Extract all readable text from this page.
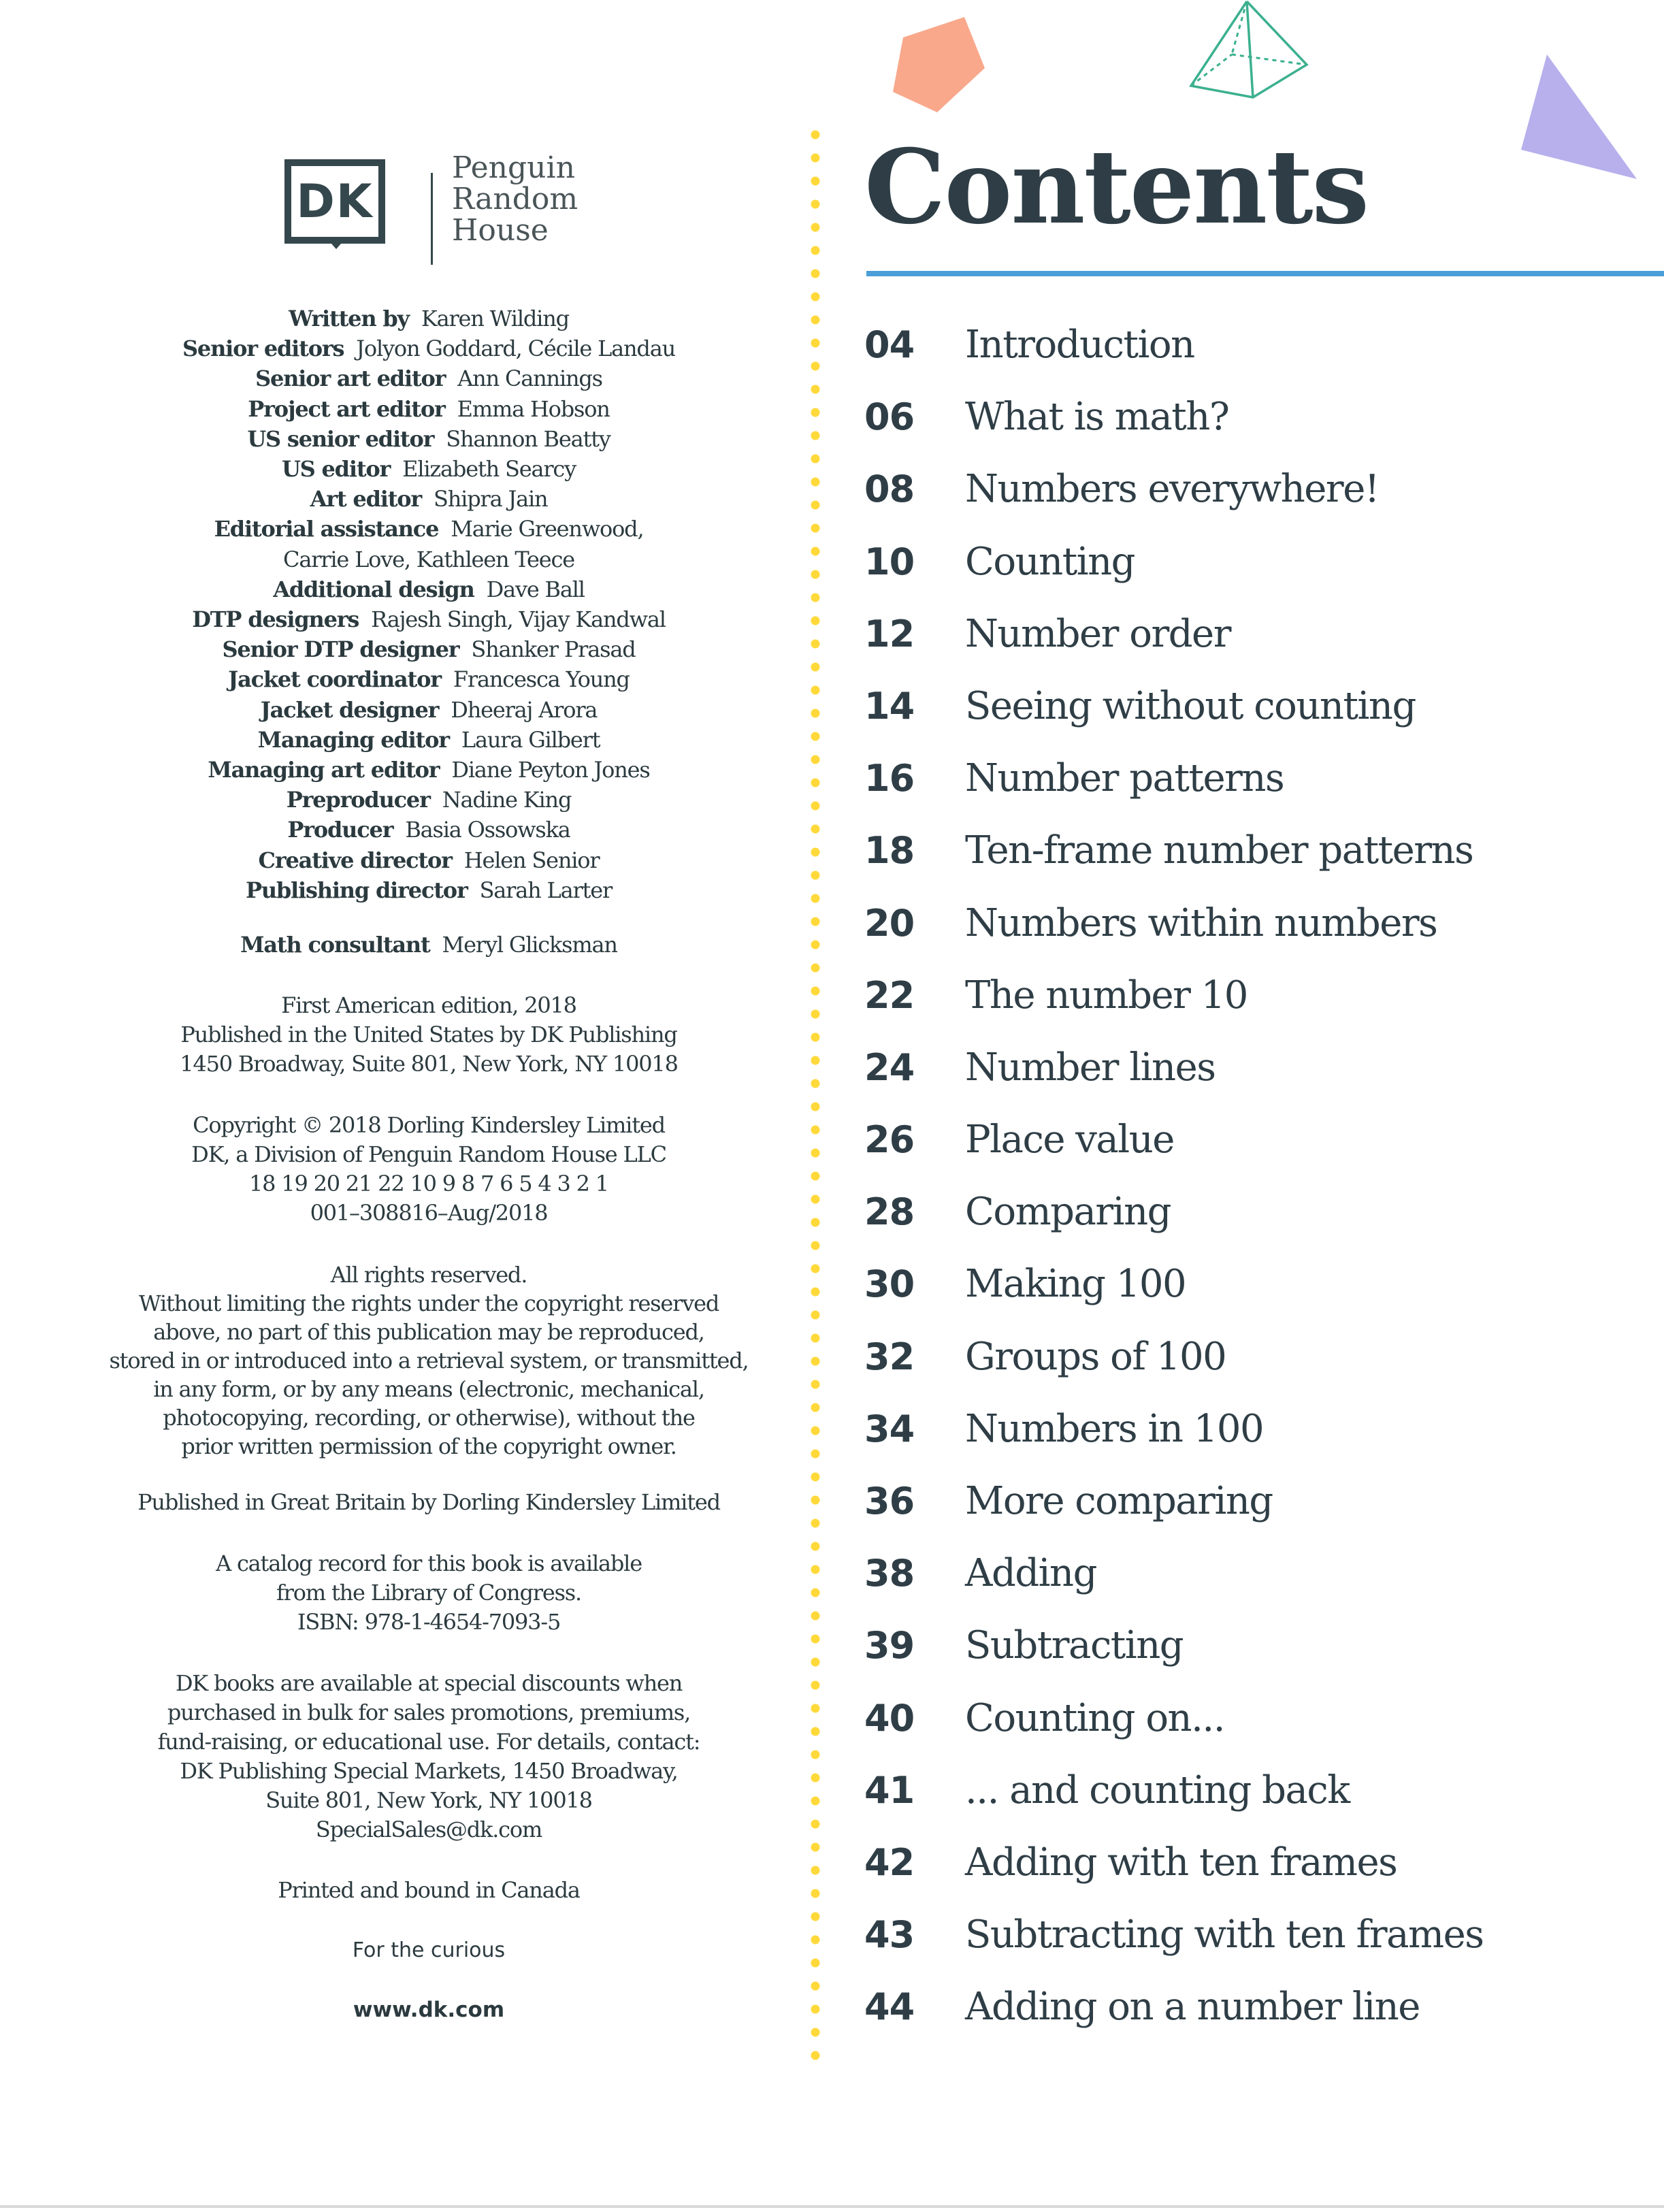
DK
Penguin
Random
House
Written by Karen Wilding
Senior editors Jolyon Goddard, Cécile Landau
Senior art editor Ann Cannings
Project art editor Emma Hobson
US senior editor Shannon Beatty
US editor Elizabeth Searcy
Art editor Shipra Jain
Editorial assistance Marie Greenwood,
Carrie Love, Kathleen Teece
Additional design Dave Ball
DTP designers Rajesh Singh, Vijay Kandwal
Senior DTP designer Shanker Prasad
Jacket coordinator Francesca Young
Jacket designer Dheeraj Arora
Managing editor Laura Gilbert
Managing art editor Diane Peyton Jones
Preproducer Nadine King
Producer Basia Ossowska
Creative director Helen Senior
Publishing director Sarah Larter
Math consultant Meryl Glicksman
First American edition, 2018
Published in the United States by DK Publishing
1450 Broadway, Suite 801, New York, NY 10018
Copyright © 2018 Dorling Kindersley Limited
DK, a Division of Penguin Random House LLC
18 19 20 21 22 10 9 8 7 6 5 4 3 2 1
001–308816–Aug/2018
All rights reserved.
Without limiting the rights under the copyright reserved
above, no part of this publication may be reproduced,
stored in or introduced into a retrieval system, or transmitted,
in any form, or by any means (electronic, mechanical,
photocopying, recording, or otherwise), without the
prior written permission of the copyright owner.
Published in Great Britain by Dorling Kindersley Limited
A catalog record for this book is available
from the Library of Congress.
ISBN: 978-1-4654-7093-5
DK books are available at special discounts when
purchased in bulk for sales promotions, premiums,
fund-raising, or educational use. For details, contact:
DK Publishing Special Markets, 1450 Broadway,
Suite 801, New York, NY 10018
SpecialSales@dk.com
Printed and bound in Canada
For the curious
www.dk.com
Contents
04	Introduction
06	What is math?
08	Numbers everywhere!
10	Counting
12	Number order
14	Seeing without counting
16	Number patterns
18	Ten-frame number patterns
20	Numbers within numbers
22	The number 10
24	Number lines
26	Place value
28	Comparing
30	Making 100
32	Groups of 100
34	Numbers in 100
36	More comparing
38	Adding
39	Subtracting
40	Counting on...
41	... and counting back
42	Adding with ten frames
43	Subtracting with ten frames
44	Adding on a number line
